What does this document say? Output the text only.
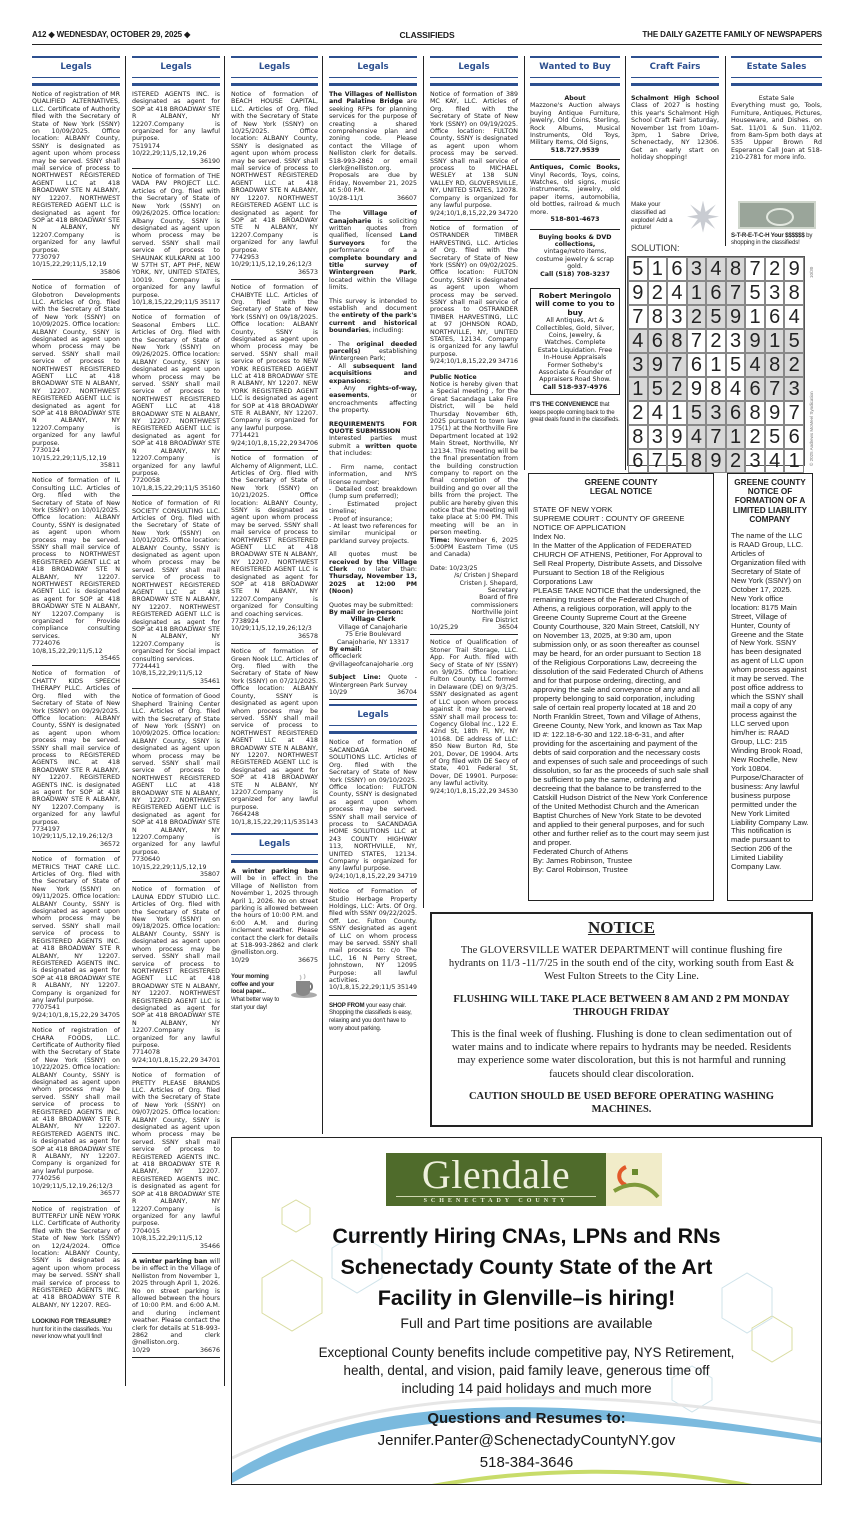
A12 ◆ WEDNESDAY, OCTOBER 29, 2025 ◆	CLASSIFIEDS	THE DAILY GAZETTE FAMILY OF NEWSPAPERS
Legals
Notice of registration of MR QUALIFIED ALTERNATIVES, LLC. Certificate of Authority filed with the Secretary of State of New York (SSNY) on 10/09/2025. Office location: ALBANY County, SSNY is designated as agent upon whom process may be served. SSNY shall mail service of process to NORTHWEST REGISTERED AGENT LLC at 418 BROADWAY STE N ALBANY, NY 12207. NORTHWEST REGISTERED AGENT LLC is designated as agent for SOP at 418 BROADWAY STE N ALBANY, NY 12207.Company is organized for any lawful purpose.
7730797
10/15,22,29;11/5,12,19
35806
Notice of formation of Globotron Developments LLC. Articles of Org. filed with the Secretary of State of New York (SSNY) on 10/09/2025. Office location: ALBANY County, SSNY is designated as agent upon whom process may be served. SSNY shall mail service of process to NORTHWEST REGISTERED AGENT LLC at 418 BROADWAY STE N ALBANY, NY 12207. NORTHWEST REGISTERED AGENT LLC is designated as agent for SOP at 418 BROADWAY STE N ALBANY, NY 12207.Company is organized for any lawful purpose.
7730124
10/15,22,29;11/5,12,19
35811
Notice of formation of IL Consulting LLC. Articles of Org. filed with the Secretary of State of New York (SSNY) on 10/01/2025. Office location: ALBANY County, SSNY is designated as agent upon whom process may be served. SSNY shall mail service of process to NORTHWEST REGISTERED AGENT LLC at 418 BROADWAY STE N ALBANY, NY 12207. NORTHWEST REGISTERED AGENT LLC is designated as agent for SOP at 418 BROADWAY STE N ALBANY, NY 12207.Company is organized for Provide compliance consulting services.
7724076
10/8,15,22,29;11/5,12
35465
Notice of formation of CHATTY KIDS SPEECH THERAPY PLLC. Articles of Org. filed with the Secretary of State of New York (SSNY) on 09/29/2025. Office location: ALBANY County, SSNY is designated as agent upon whom process may be served. SSNY shall mail service of process to REGISTERED AGENTS INC. at 418 BROADWAY STE R ALBANY, NY 12207. REGISTERED AGENTS INC. is designated as agent for SOP at 418 BROADWAY STE R ALBANY, NY 12207.Company is organized for any lawful purpose.
7734197
10/29;11/5,12,19,26;12/3
36572
Notice of formation of METRICS THAT CARE LLC. Articles of Org. filed with the Secretary of State of New York (SSNY) on 09/11/2025. Office location: ALBANY County, SSNY is designated as agent upon whom process may be served. SSNY shall mail service of process to REGISTERED AGENTS INC. at 418 BROADWAY STE R ALBANY, NY 12207. REGISTERED AGENTS INC. is designated as agent for SOP at 418 BROADWAY STE R ALBANY, NY 12207. Company is organized for any lawful purpose.
7707541
9/24;10/1,8,15,22,29 34705
Notice of registration of CHARA FOODS, LLC. Certificate of Authority filed with the Secretary of State of New York (SSNY) on 10/22/2025. Office location: ALBANY County, SSNY is designated as agent upon whom process may be served. SSNY shall mail service of process to REGISTERED AGENTS INC. at 418 BROADWAY STE R ALBANY, NY 12207. REGISTERED AGENTS INC. is designated as agent for SOP at 418 BROADWAY STE R ALBANY, NY 12207. Company is organized for any lawful purpose.
7740256
10/29;11/5,12,19,26;12/3
36577
Notice of registration of BUTTERFLY LINE NEW YORK LLC. Certificate of Authority filed with the Secretary of State of New York (SSNY) on 12/24/2024. Office location: ALBANY County, SSNY is designated as agent upon whom process may be served. SSNY shall mail service of process to REGISTERED AGENTS INC. at 418 BROADWAY STE R ALBANY, NY 12207. REG-
LOOKING FOR TREASURE? hunt for it in the classifieds. You never know what you'll find!
Legals
ISTERED AGENTS INC. is designated as agent for SOP at 418 BROADWAY STE R ALBANY, NY 12207.Company is organized for any lawful purpose.
7519174
10/22,29;11/5,12,19,26
36190
Notice of formation of THE VADA PAV PROJECT LLC. Articles of Org. filed with the Secretary of State of New York (SSNY) on 09/26/2025. Office location: Albany County, SSNY is designated as agent upon whom process may be served. SSNY shall mail service of process to SHAUNAK KULKARNI at 100 W 57TH ST, APT PHF, NEW YORK, NY, UNITED STATES, 10019. Company is organized for any lawful purpose.
10/1,8,15,22,29;11/5 35117
Notice of formation of Seasonal Embers LLC. Articles of Org. filed with the Secretary of State of New York (SSNY) on 09/26/2025. Office location: ALBANY County, SSNY is designated as agent upon whom process may be served. SSNY shall mail service of process to NORTHWEST REGISTERED AGENT LLC at 418 BROADWAY STE N ALBANY, NY 12207. NORTHWEST REGISTERED AGENT LLC is designated as agent for SOP at 418 BROADWAY STE N ALBANY, NY 12207.Company is organized for any lawful purpose.
7720058
10/1,8,15,22,29;11/5 35160
Notice of formation of RI SOCIETY CONSULTING LLC. Articles of Org. filed with the Secretary of State of New York (SSNY) on 10/01/2025. Office location: ALBANY County, SSNY is designated as agent upon whom process may be served. SSNY shall mail service of process to NORTHWEST REGISTERED AGENT LLC at 418 BROADWAY STE N ALBANY, NY 12207. NORTHWEST REGISTERED AGENT LLC is designated as agent for SOP at 418 BROADWAY STE N ALBANY, NY 12207.Company is organized for Social impact consulting services.
7724441
10/8,15,22,29;11/5,12
35461
Notice of formation of Good Shepherd Training Center LLC. Articles of Org. filed with the Secretary of State of New York (SSNY) on 10/09/2025. Office location: ALBANY County, SSNY is designated as agent upon whom process may be served. SSNY shall mail service of process to NORTHWEST REGISTERED AGENT LLC at 418 BROADWAY STE N ALBANY, NY 12207. NORTHWEST REGISTERED AGENT LLC is designated as agent for SOP at 418 BROADWAY STE N ALBANY, NY 12207.Company is organized for any lawful purpose.
7730640
10/15,22,29;11/5,12,19
35807
Notice of formation of LAUNA EDDY STUDIO LLC. Articles of Org. filed with the Secretary of State of New York (SSNY) on 09/18/2025. Office location: ALBANY County, SSNY is designated as agent upon whom process may be served. SSNY shall mail service of process to NORTHWEST REGISTERED AGENT LLC at 418 BROADWAY STE N ALBANY, NY 12207. NORTHWEST REGISTERED AGENT LLC is designated as agent for SOP at 418 BROADWAY STE N ALBANY, NY 12207.Company is organized for any lawful purpose.
7714078
9/24;10/1,8,15,22,29 34701
Notice of formation of PRETTY PLEASE BRANDS LLC. Articles of Org. filed with the Secretary of State of New York (SSNY) on 09/07/2025. Office location: ALBANY County, SSNY is designated as agent upon whom process may be served. SSNY shall mail service of process to REGISTERED AGENTS INC. at 418 BROADWAY STE R ALBANY, NY 12207. REGISTERED AGENTS INC. is designated as agent for SOP at 418 BROADWAY STE R ALBANY, NY 12207.Company is organized for any lawful purpose.
7704015
10/8,15,22,29;11/5,12
35466

A winter parking ban will be in effect in the Village of Nelliston from November 1, 2025 through April 1, 2026. No on street parking is allowed between the hours of 10:00 P.M. and 6:00 A.M. and during inclement weather. Please contact the clerk for details at 518-993-2862 and clerk @nelliston.org.

10/29	36676
Legals
Notice of formation of BEACH HOUSE CAPITAL, LLC. Articles of Org. filed with the Secretary of State of New York (SSNY) on 10/25/2025. Office location: ALBANY County, SSNY is designated as agent upon whom process may be served. SSNY shall mail service of process to NORTHWEST REGISTERED AGENT LLC at 418 BROADWAY STE N ALBANY, NY 12207. NORTHWEST REGISTERED AGENT LLC is designated as agent for SOP at 418 BROADWAY STE N ALBANY, NY 12207.Company is organized for any lawful purpose.
7742953
10/29;11/5,12,19,26;12/3
36573
Notice of formation of CHAIBYTE LLC. Articles of Org. filed with the Secretary of State of New York (SSNY) on 09/18/2025. Office location: ALBANY County, SSNY is designated as agent upon whom process may be served. SSNY shall mail service of process to NEW YORK REGISTERED AGENT LLC at 418 BROADWAY STE R ALBANY, NY 12207. NEW YORK REGISTERED AGENT LLC is designated as agent for SOP at 418 BROADWAY STE R ALBANY, NY 12207. Company is organized for any lawful purpose.
7714421
9/24;10/1,8,15,22,29 34706
Notice of formation of Alchemy of Alignment, LLC. Articles of Org. filed with the Secretary of State of New York (SSNY) on 10/21/2025. Office location: ALBANY County, SSNY is designated as agent upon whom process may be served. SSNY shall mail service of process to NORTHWEST REGISTERED AGENT LLC at 418 BROADWAY STE N ALBANY, NY 12207. NORTHWEST REGISTERED AGENT LLC is designated as agent for SOP at 418 BROADWAY STE N ALBANY, NY 12207.Company is organized for Consulting and coaching services.
7738924
10/29;11/5,12,19,26;12/3
36578
Notice of formation of Green Nook LLC. Articles of Org. filed with the Secretary of State of New York (SSNY) on 07/21/2025. Office location: ALBANY County, SSNY is designated as agent upon whom process may be served. SSNY shall mail service of process to NORTHWEST REGISTERED AGENT LLC at 418 BROADWAY STE N ALBANY, NY 12207. NORTHWEST REGISTERED AGENT LLC is designated as agent for SOP at 418 BROADWAY STE N ALBANY, NY 12207.Company is organized for any lawful purpose.
7664248
10/1,8,15,22,29;11/5 35143
Legals

A winter parking ban will be in effect in the Village of Nelliston from November 1, 2025 through April 1, 2026. No on street parking is allowed between the hours of 10:00 P.M. and 6:00 A.M. and during inclement weather. Please contact the clerk for details at 518-993-2862 and clerk @nelliston.org.

10/29	36675
Your morning coffee and your local paper...
What better way to start your day!
Legals

The Villages of Nelliston and Palatine Bridge are seeking RFPs for planning services for the purpose of creating a shared comprehensive plan and zoning code. Please contact the Village of Nelliston clerk for details. 518-993-2862 or email clerk@nelliston.org. Proposals are due by Friday, November 21, 2025 at 5:00 P.M.

10/28-11/1	36607

The Village of Canajoharie is soliciting written quotes from qualified, licensed Land Surveyors for the performance of a complete boundary and title survey of Wintergreen Park, located within the Village limits.

This survey is intended to establish and document the entirety of the park's current and historical boundaries, including:

- The original deeded parcel(s) establishing Wintergreen Park;

- All subsequent land acquisitions and expansions;

- Any rights-of-way, easements, or encroachments affecting the property.

REQUIREMENTS FOR QUOTE SUBMISSION

Interested parties must submit a written quote that includes:

- Firm name, contact information, and NYS license number;

- Detailed cost breakdown (lump sum preferred);

- Estimated project timeline;

- Proof of insurance;

- At least two references for similar municipal or parkland survey projects.

All quotes must be received by the Village Clerk no later than: Thursday, November 13, 2025 at 12:00 PM (Noon)

Quotes may be submitted:

By mail or in-person:

Village Clerk

Village of Canajoharie

75 Erie Boulevard

Canajoharie, NY 13317

By email:

officeclerk @villageofcanajoharie .org

Subject Line: Quote - Wintergreen Park Survey

10/29	36704
Legals
Notice of formation of SACANDAGA HOME SOLUTIONS LLC. Articles of Org. filed with the Secretary of State of New York (SSNY) on 09/10/2025. Office location: FULTON County, SSNY is designated as agent upon whom process may be served. SSNY shall mail service of process to SACANDAGA HOME SOLUTIONS LLC at 243 COUNTY HIGHWAY 113, NORTHVILLE, NY, UNITED STATES, 12134. Company is organized for any lawful purpose.
9/24;10/1,8,15,22,29 34719
Notice of Formation of Studio Herbage Property Holdings, LLC: Arts. Of Org. filed with SSNY 09/22/2025. Off. Loc. Fulton County. SSNY designated as agent of LLC on whom process may be served. SSNY shall mail process to: c/o The LLC, 16 N Perry Street, Johnstown, NY 12095 Purpose: all lawful activities.
10/1,8,15,22,29;11/5 35149
SHOP FROM your easy chair. Shopping the classifieds is easy, relaxing and you don't have to worry about parking.
Legals
Notice of formation of 389 MC KAY, LLC. Articles of Org. filed with the Secretary of State of New York (SSNY) on 09/19/2025. Office location: FULTON County, SSNY is designated as agent upon whom process may be served. SSNY shall mail service of process to MICHAEL WESLEY at 138 SUN VALLEY RD, GLOVERSVILLE, NY, UNITED STATES, 12078. Company is organized for any lawful purpose.
9/24;10/1,8,15,22,29 34720
Notice of formation of OSTRANDER TIMBER HARVESTING, LLC. Articles of Org. filed with the Secretary of State of New York (SSNY) on 09/02/2025. Office location: FULTON County, SSNY is designated as agent upon whom process may be served. SSNY shall mail service of process to OSTRANDER TIMBER HARVESTING, LLC at 97 JOHNSON ROAD, NORTHVILLE, NY, UNITED STATES, 12134. Company is organized for any lawful purpose.
9/24;10/1,8,15,22,29 34716

Public Notice

Notice is hereby given that a Special meeting , for the Great Sacandaga Lake Fire District, will be held Thursday November 6th, 2025 pursuant to town law 175(1) at the Northville Fire Department located at 192 Main Street, Northville, NY 12134. This meeting will be the final presentation from the building construction company to report on the final completion of the building and go over all the bills from the project. The public are hereby given this notice that the meeting will take place at 5:00 PM. This meeting will be an in person meeting.

Time: November 6, 2025 5:00PM Eastern Time (US and Canada)

Date: 10/23/25

/s/ Cristen J Shepard

Cristen J. Shepard,

Secretary

Board of fire

commissioners

Northville Joint

Fire District

10/25,29	36504
Notice of Qualification of Stoner Trail Storage, LLC. App. For Auth. filed with Secy of State of NY (SSNY) on 9/9/25. Office location: Fulton County. LLC formed in Delaware (DE) on 9/3/25. SSNY designated as agent of LLC upon whom process against it may be served. SSNY shall mail process to: Cogency Global Inc., 122 E. 42nd St, 18th Fl, NY, NY 10168. DE address of LLC: 850 New Burton Rd, Ste 201, Dover, DE 19904. Arts of Org filed with DE Secy of State, 401 Federal St, Dover, DE 19901. Purpose: any lawful activity.
9/24;10/1,8,15,22,29 34530
Wanted to Buy
About
Mazzone's Auction always buying Antique Furniture, Jewelry, Old Coins, Sterling, Rock Albums, Musical Instruments, Old Toys, Military Items, Old Signs,
518.727.9539
Antiques, Comic Books, Vinyl Records, Toys, coins, Watches, old signs, music instruments, jewelry, old paper items, automobilia, old bottles, railroad & much more.
518-801-4673
Buying books & DVD collections,
vintage/retro items, costume jewelry & scrap gold.
Call (518) 708-3237
Robert Meringolo will come to you to buy
All Antiques, Art & Collectibles, Gold, Silver, Coins, Jewelry, & Watches. Complete Estate Liquidation. Free In-House Appraisals Former Sotheby's Associate & Founder of Appraisers Road Show.
Call 518-937-4976
IT'S THE CONVENIENCE that keeps people coming back to the great deals found in the classifieds.
Craft Fairs
Schalmont High School Class of 2027 is hosting this year's Schalmont High School Craft Fair! Saturday, November 1st from 10am-3pm, 1 Sabre Drive, Schenectady, NY 12306. Get an early start on holiday shopping!
Make your classified ad explode! Add a picture!
Estate Sales
Estate Sale
Everything must go, Tools, Furniture, Antiques, Pictures, Houseware, and Dishes. on Sat. 11/01 & Sun. 11/02. from 8am-5pm both days at 535 Upper Brown Rd Esperance Call Joan at 518-210-2781 for more info.
S-T-R-E-T-C-H Your $$$$$$ by shopping in the classifieds!
SOLUTION:
5 1 6 3 4 8 7 2 9
9 2 4 1 6 7 5 3 8
7 8 3 2 5 9 1 6 4
4 6 8 7 2 3 9 1 5
3 9 7 6 1 5 4 8 2
1 5 2 9 8 4 6 7 3
2 4 1 5 3 6 8 9 7
8 3 9 4 7 1 2 5 6
6 7 5 8 9 2 3 4 1
10/30
© 2025 Andrews McMeel Syndication
GREENE COUNTY
LEGAL NOTICE
STATE OF NEW YORK
SUPREME COURT : COUNTY OF GREENE
NOTICE OF APPLICATION
Index No.
In the Matter of the Application of FEDERATED CHURCH OF ATHENS, Petitioner, For Approval to Sell Real Property, Distribute Assets, and Dissolve Pursuant to Section 18 of the Religious Corporations Law
PLEASE TAKE NOTICE that the undersigned, the remaining trustees of the Federated Church of Athens, a religious corporation, will apply to the Greene County Supreme Court at the Greene County Courthouse, 320 Main Street, Catskill, NY on November 13, 2025, at 9:30 am, upon submission only, or as soon thereafter as counsel may be heard, for an order pursuant to Section 18 of the Religious Corporations Law, decreeing the dissolution of the said Federated Church of Athens and for that purpose ordering, directing, and approving the sale and conveyance of any and all property belonging to said corporation, including sale of certain real property located at 18 and 20 North Franklin Street, Town and Village of Athens, Greene County, New York, and known as Tax Map ID #: 122.18-6-30 and 122.18-6-31, and after providing for the ascertaining and payment of the debts of said corporation and the necessary costs and expenses of such sale and proceedings of such dissolution, so far as the proceeds of such sale shall be sufficient to pay the same, ordering and decreeing that the balance to be transferred to the Catskill Hudson District of the New York Conference of the United Methodist Church and the American Baptist Churches of New York State to be devoted and applied to their general purposes, and for such other and further relief as to the court may seem just and proper.
Federated Church of Athens
By: James Robinson, Trustee
By: Carol Robinson, Trustee
GREENE COUNTY NOTICE OF FORMATION OF A LIMITED LIABILITY COMPANY
The name of the LLC is RAAD Group, LLC. Articles of Organization filed with Secretary of State of New York (SSNY) on October 17, 2025. New York office location: 8175 Main Street, Village of Hunter, County of Greene and the State of New York. SSNY has been designated as agent of LLC upon whom process against it may be served. The post office address to which the SSNY shall mail a copy of any process against the LLC served upon him/her is: RAAD Group, LLC: 215 Winding Brook Road, New Rochelle, New York 10804. Purpose/Character of business: Any lawful business purpose permitted under the New York Limited Liability Company Law. This notification is made pursuant to Section 206 of the Limited Liability Company Law.
NOTICE

The GLOVERSVILLE WATER DEPARTMENT will continue flushing fire hydrants on 11/3 -11/7/25 in the south end of the city, working south from East & West Fulton Streets to the City Line.

FLUSHING WILL TAKE PLACE BETWEEN 8 AM AND 2 PM MONDAY THROUGH FRIDAY

This is the final week of flushing. Flushing is done to clean sedimentation out of water mains and to indicate where repairs to hydrants may be needed. Residents may experience some water discoloration, but this is not harmful and running faucets should clear discoloration.

CAUTION SHOULD BE USED BEFORE OPERATING WASHING MACHINES.

Glendale
SCHENECTADY COUNTY
Currently Hiring CNAs, LPNs and RNs
Schenectady County State of the Art
Facility in Glenville–is hiring!
Full and Part time positions are available
Exceptional County benefits include competitive pay, NYS Retirement,
health, dental, and vision, paid family leave, generous time off
including 14 paid holidays and much more
Questions and Resumes to:
Jennifer.Panter@SchenectadyCountyNY.gov
518-384-3646
